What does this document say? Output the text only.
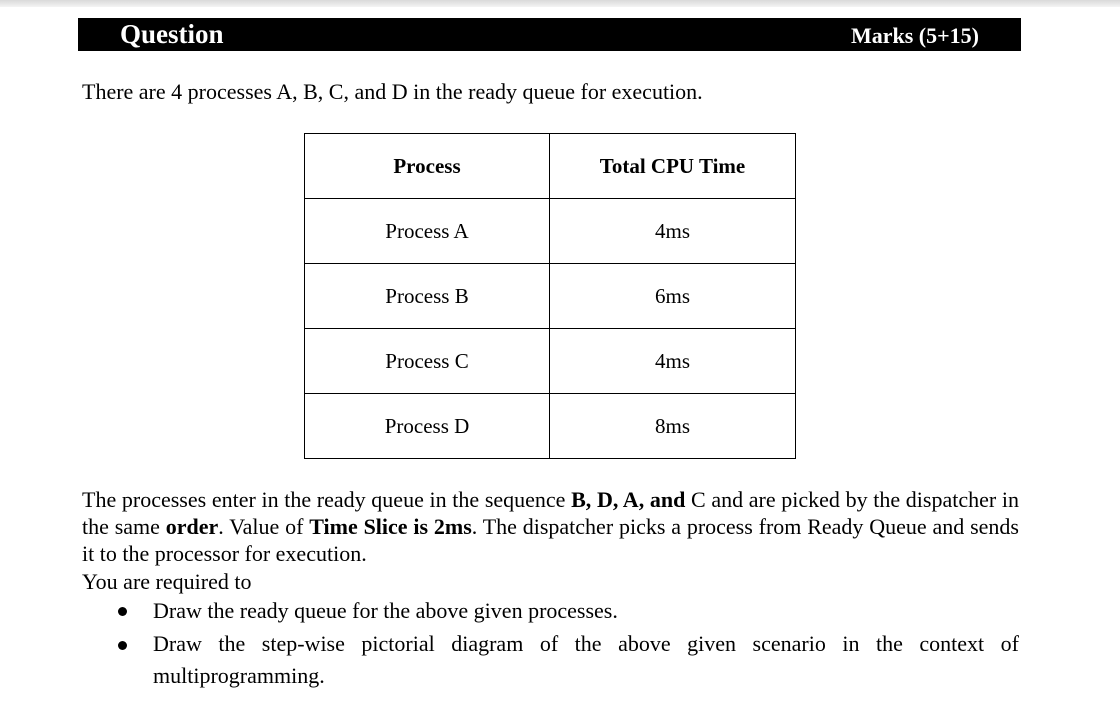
Question	Marks (5+15)

There are 4 processes A, B, C, and D in the ready queue for execution.

Process	Total CPU Time
Process A	4ms
Process B	6ms
Process C	4ms
Process D	8ms

The processes enter in the ready queue in the sequence B, D, A, and C and are picked by the dispatcher in the same order. Value of Time Slice is 2ms. The dispatcher picks a process from Ready Queue and sends it to the processor for execution.

You are required to

Draw the ready queue for the above given processes.
Draw the step-wise pictorial diagram of the above given scenario in the context of multiprogramming.
